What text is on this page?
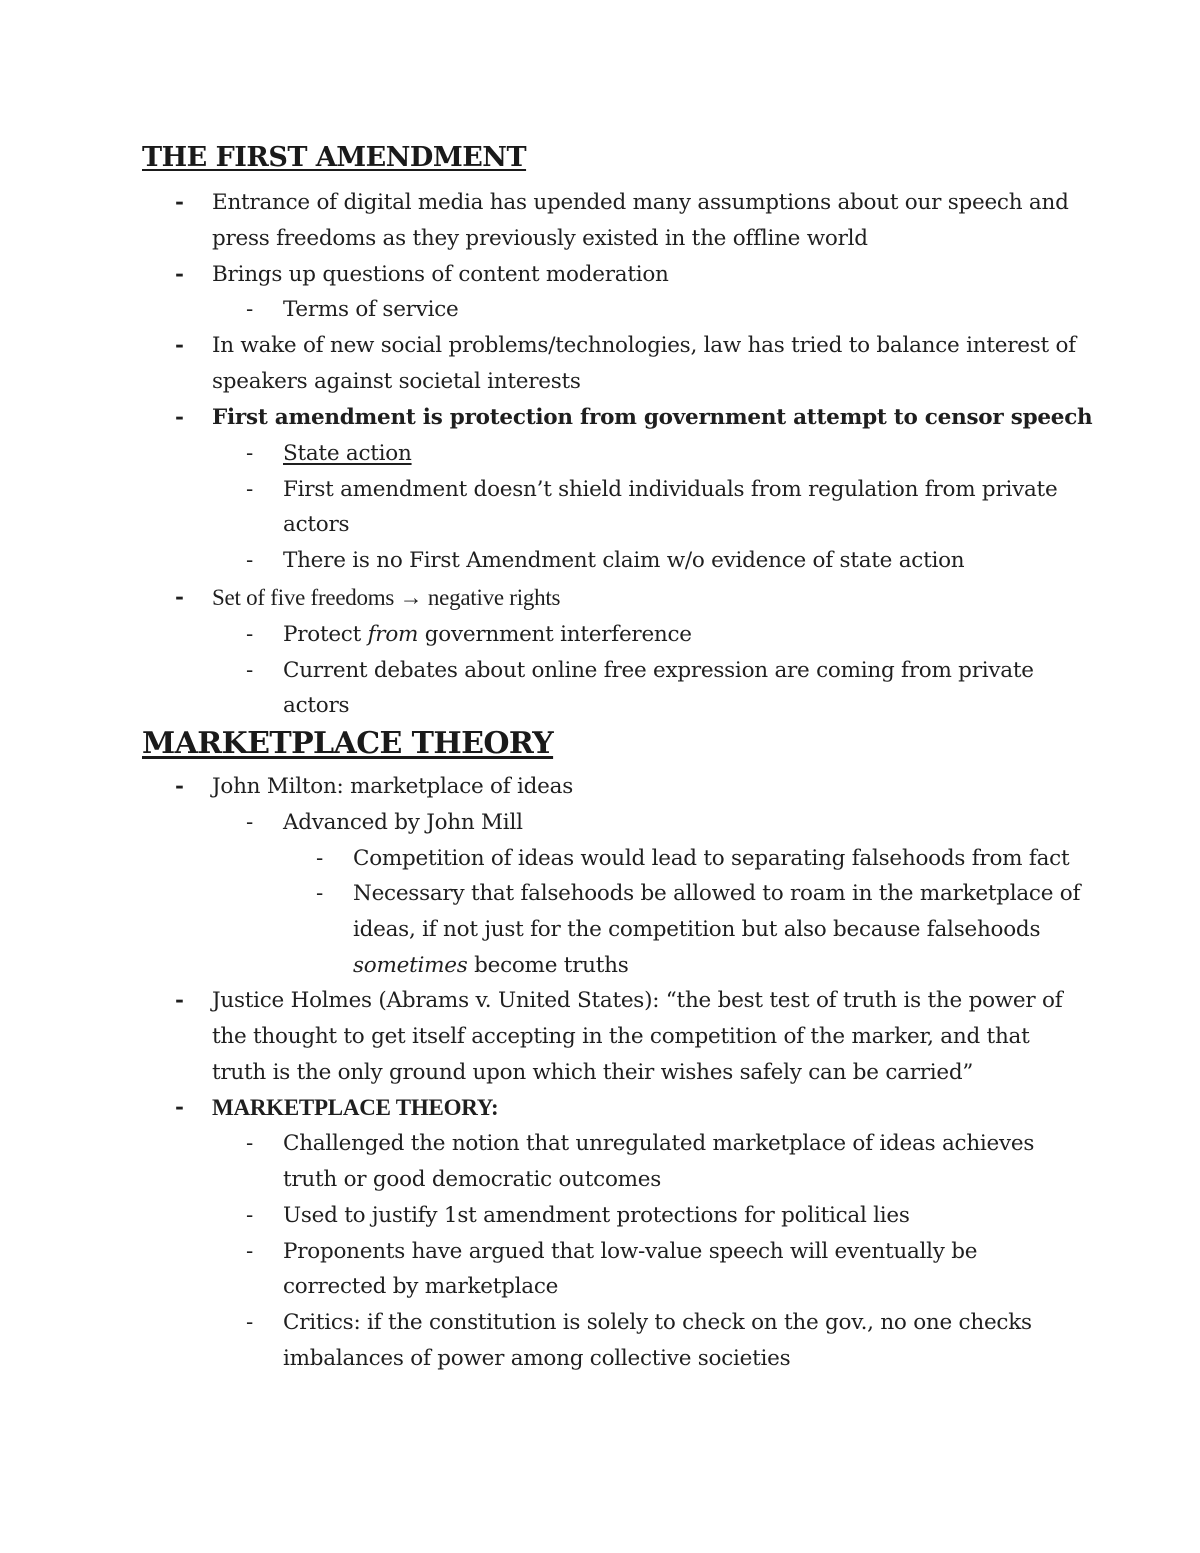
THE FIRST AMENDMENT
- Entrance of digital media has upended many assumptions about our speech and
press freedoms as they previously existed in the offline world
- Brings up questions of content moderation
- Terms of service
- In wake of new social problems/technologies, law has tried to balance interest of
speakers against societal interests
- First amendment is protection from government attempt to censor speech
- State action
- First amendment doesn’t shield individuals from regulation from private
actors
- There is no First Amendment claim w/o evidence of state action
- Set of five freedoms → negative rights
- Protect from government interference
- Current debates about online free expression are coming from private
actors
MARKETPLACE THEORY
- John Milton: marketplace of ideas
- Advanced by John Mill
- Competition of ideas would lead to separating falsehoods from fact
- Necessary that falsehoods be allowed to roam in the marketplace of
ideas, if not just for the competition but also because falsehoods
sometimes become truths
- Justice Holmes (Abrams v. United States): “the best test of truth is the power of
the thought to get itself accepting in the competition of the marker, and that
truth is the only ground upon which their wishes safely can be carried”
- MARKETPLACE THEORY:
- Challenged the notion that unregulated marketplace of ideas achieves
truth or good democratic outcomes
- Used to justify 1st amendment protections for political lies
- Proponents have argued that low-value speech will eventually be
corrected by marketplace
- Critics: if the constitution is solely to check on the gov., no one checks
imbalances of power among collective societies
